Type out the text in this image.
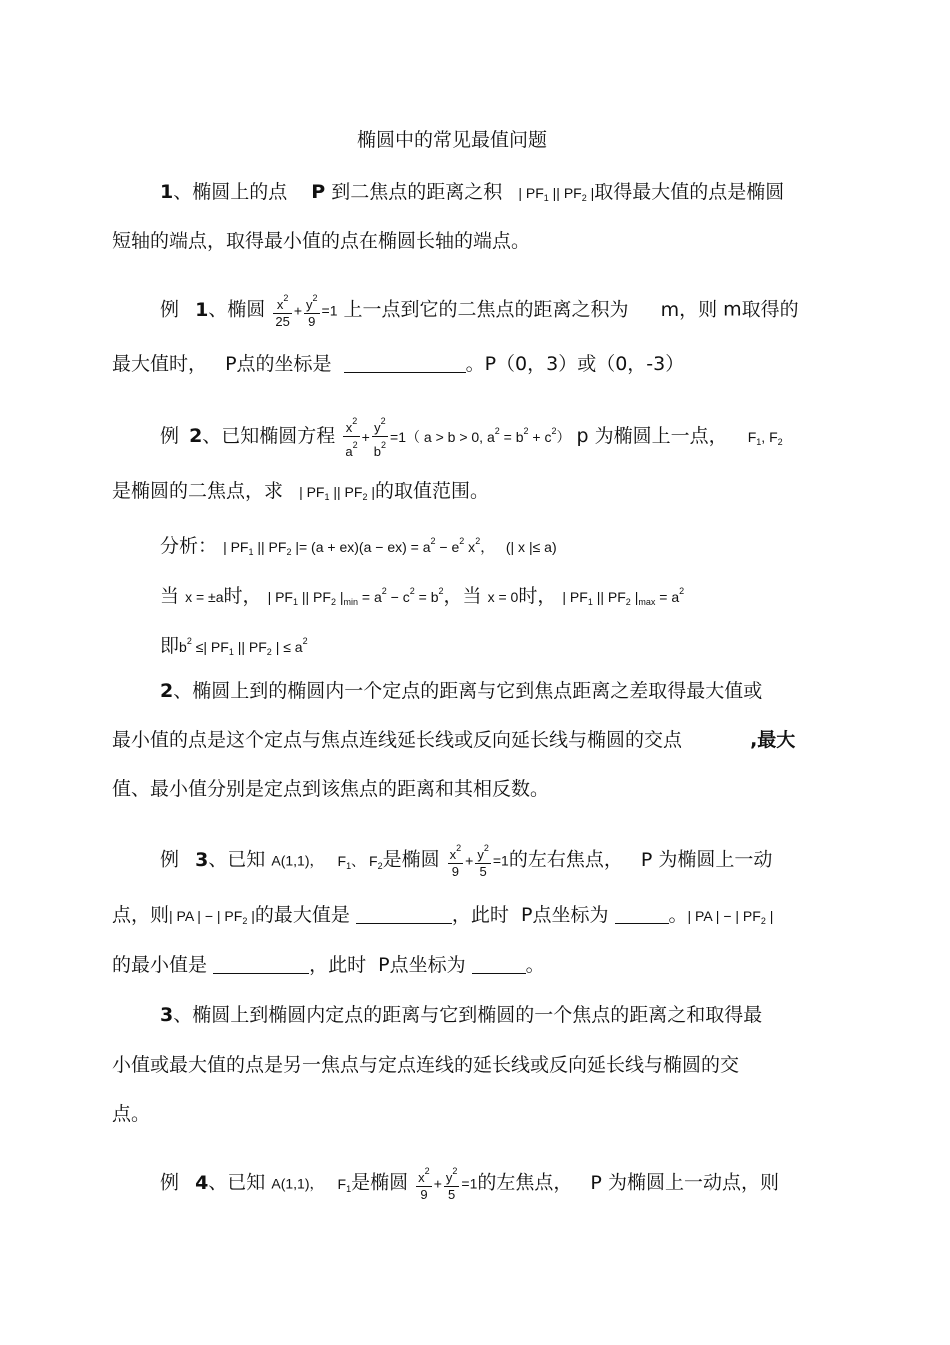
椭圆中的常见最值问题
1、椭圆上的点 P 到二焦点的距离之积 | $PF_1$ || $PF_2$ |取得最大值的点是椭圆
短轴的端点，取得最小值的点在椭圆长轴的端点。
例 1、椭圆 $\frac{x^2}{25} + \frac{y^2}{9} =1$ 上一点到它的二焦点的距离之积为 m，则 m取得的
最大值时， P点的坐标是	。P（0，3）或（0，-3）
例 2、已知椭圆方程 $\frac{x^2}{a^2} + \frac{y^2}{b^2} =1$（ a > b > 0, $a^2 = b^2 + c^2$） p 为椭圆上一点， $F_1$, $F_2$
是椭圆的二焦点，求 | $PF_1$ || $PF_2$ |的取值范围。
分析： | $PF_1$ || $PF_2$ |= $(a + ex)(a - ex) = a^2 - e^2$ $x^2$，   (| x |≤ a)
当 x = ±a时， | $PF_1$ || $PF_2$ $|_{min} = a^2 - c^2 = b^2$，当 x = 0时， | $PF_1$ || $PF_2$ $|_{max} = a^2$
即$b^2$ ≤| $PF_1$ || $PF_2$ | ≤ $a^2$
2、椭圆上到的椭圆内一个定点的距离与它到焦点距离之差取得最大值或
最小值的点是这个定点与焦点连线延长线或反向延长线与椭圆的交点	,最大
值、最小值分别是定点到该焦点的距离和其相反数。
例 3、已知 A(1,1)， $F_1$、 $F_2$是椭圆 $\frac{x^2}{9} + \frac{y^2}{5} =1$的左右焦点， P 为椭圆上一动
点，则| PA | − | $PF_2$ |的最大值是	，此时 P点坐标为	。| PA | − | $PF_2$ |
的最小值是	，此时 P点坐标为	。
3、椭圆上到椭圆内定点的距离与它到椭圆的一个焦点的距离之和取得最
小值或最大值的点是另一焦点与定点连线的延长线或反向延长线与椭圆的交
点。
例 4、已知 A(1,1)， $F_1$是椭圆 $\frac{x^2}{9} + \frac{y^2}{5} =1$的左焦点， P 为椭圆上一动点，则
